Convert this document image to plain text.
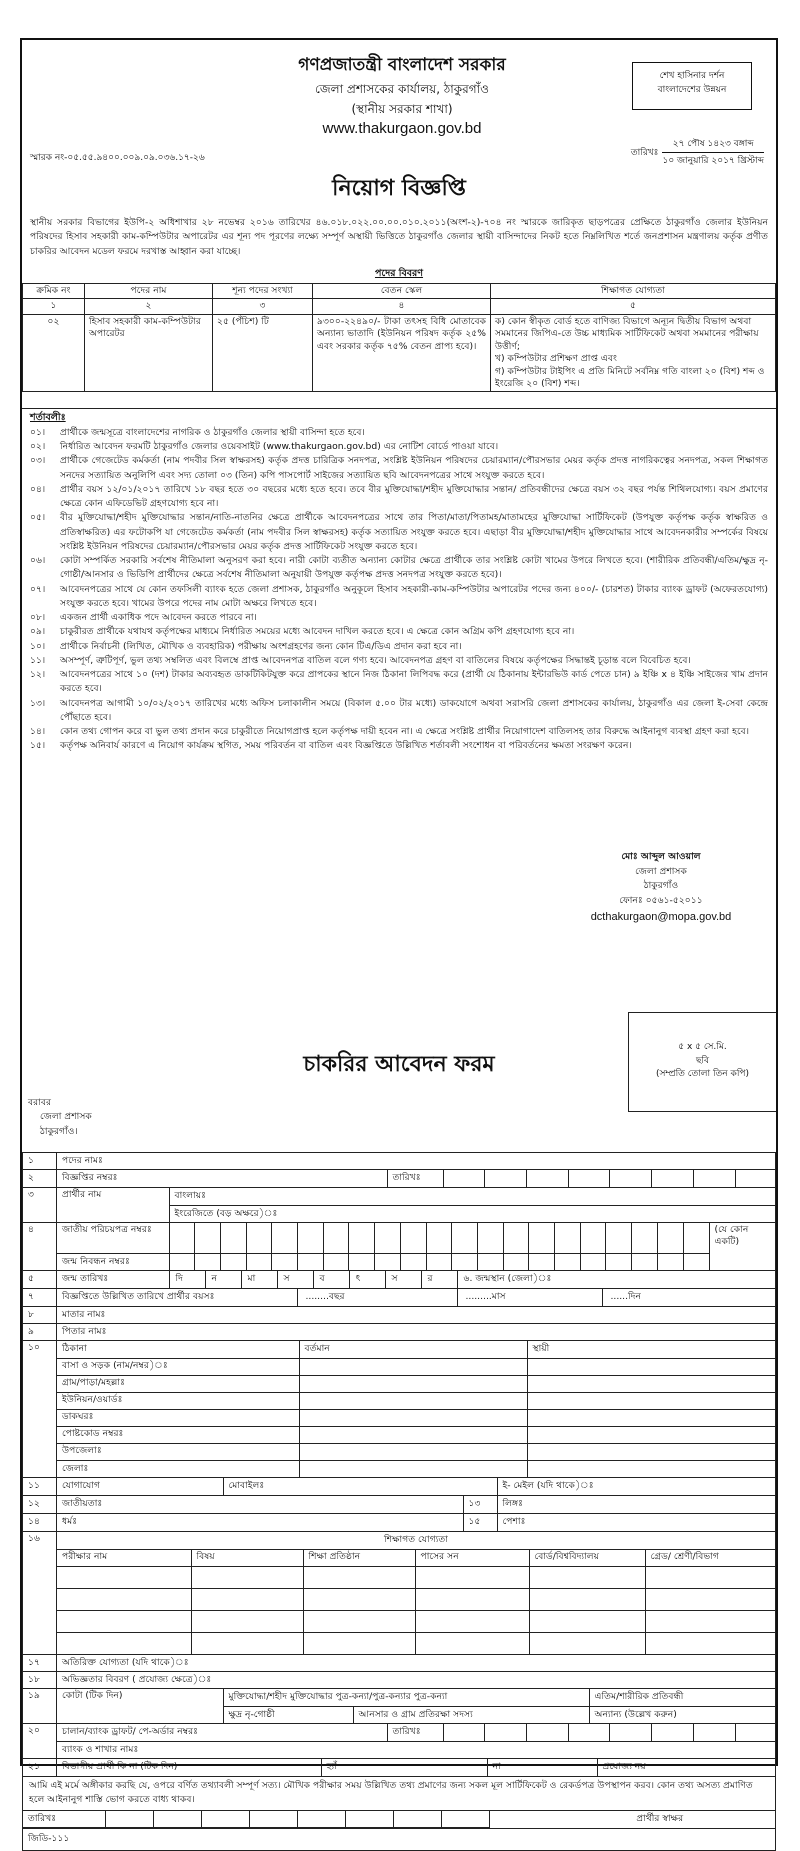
গণপ্রজাতন্ত্রী বাংলাদেশ সরকার
জেলা প্রশাসকের কার্যালয়, ঠাকুরগাঁও
(স্থানীয় সরকার শাখা)
www.thakurgaon.gov.bd
শেখ হাসিনার দর্শন
বাংলাদেশের উন্নয়ন
স্মারক নং-০৫.৫৫.৯৪০০.০০৯.০৯.০৩৬.১৭-২৬
তারিখঃ $\frac{\text{২৭ পৌষ ১৪২৩ বঙ্গাব্দ}}{\text{১০ জানুয়ারি ২০১৭ খ্রিস্টাব্দ}}$
নিয়োগ বিজ্ঞপ্তি
স্থানীয় সরকার বিভাগের ইউপি-২ অধিশাখার ২৮ নভেম্বর ২০১৬ তারিখের ৪৬.০১৮.০২২.০০.০০.০১০.২০১১(অংশ-২)-৭০৪ নং স্মারকে জারিকৃত ছাড়পত্রের প্রেক্ষিতে ঠাকুরগাঁও জেলার ইউনিয়ন পরিষদের হিসাব সহকারী কাম-কম্পিউটার অপারেটর এর শূন্য পদ পূরণের লক্ষ্যে সম্পূর্ণ অস্থায়ী ভিত্তিতে ঠাকুরগাঁও জেলার স্থায়ী বাসিন্দাদের নিকট হতে নিম্নলিখিত শর্তে জনপ্রশাসন মন্ত্রণালয় কর্তৃক প্রণীত চাকরির আবেদন মডেল ফরমে দরখাস্ত আহ্বান করা যাচ্ছে।
পদের বিবরণ
ক্রমিক নং	পদের নাম	শূন্য পদের সংখ্যা	বেতন স্কেল	শিক্ষাগত যোগ্যতা
১	২	৩	৪	৫
০২	হিসাব সহকারী কাম-কম্পিউটার অপারেটর	২৫ (পঁচিশ) টি	৯৩০০-২২৪৯০/- টাকা তৎসহ বিধি মোতাবেক অন্যান্য ভাতাদি (ইউনিয়ন পরিষদ কর্তৃক ২৫% এবং সরকার কর্তৃক ৭৫% বেতন প্রাপ্য হবে)।	ক) কোন স্বীকৃত বোর্ড হতে বাণিজ্য বিভাগে অন্যূন দ্বিতীয় বিভাগ অথবা সমমানের জিপিএ-তে উচ্চ মাধ্যমিক সার্টিফিকেট অথবা সমমানের পরীক্ষায় উত্তীর্ণ;
খ) কম্পিউটার প্রশিক্ষণ প্রাপ্ত এবং
গ) কম্পিউটার টাইপিং এ প্রতি মিনিটে সর্বনিম্ন গতি বাংলা ২০ (বিশ) শব্দ ও ইংরেজি ২০ (বিশ) শব্দ।
শর্তাবলীঃ
০১।	প্রার্থীকে জন্মসূত্রে বাংলাদেশের নাগরিক ও ঠাকুরগাঁও জেলার স্থায়ী বাসিন্দা হতে হবে।
০২।	নির্ধারিত আবেদন ফরমটি ঠাকুরগাঁও জেলার ওয়েবসাইট (www.thakurgaon.gov.bd) এর নোটিশ বোর্ডে পাওয়া যাবে।
০৩।	প্রার্থীকে গেজেটেড কর্মকর্তা (নাম পদবীর সিল স্বাক্ষরসহ) কর্তৃক প্রদত্ত চারিত্রিক সনদপত্র, সংশ্লিষ্ট ইউনিয়ন পরিষদের চেয়ারম্যান/পৌরসভার মেয়র কর্তৃক প্রদত্ত নাগরিকত্বের সনদপত্র, সকল শিক্ষাগত সনদের সত্যায়িত অনুলিপি এবং সদ্য তোলা ০৩ (তিন) কপি পাসপোর্ট সাইজের সত্যায়িত ছবি আবেদনপত্রের সাথে সংযুক্ত করতে হবে।
০৪।	প্রার্থীর বয়স ১২/০১/২০১৭ তারিখে ১৮ বছর হতে ৩০ বছরের মধ্যে হতে হবে। তবে বীর মুক্তিযোদ্ধা/শহীদ মুক্তিযোদ্ধার সন্তান/ প্রতিবন্ধীদের ক্ষেত্রে বয়স ৩২ বছর পর্যন্ত শিথিলযোগ্য। বয়স প্রমাণের ক্ষেত্রে কোন এফিডেভিট গ্রহণযোগ্য হবে না।
০৫।	বীর মুক্তিযোদ্ধা/শহীদ মুক্তিযোদ্ধার সন্তান/নাতি-নাতনির ক্ষেত্রে প্রার্থীকে আবেদনপত্রের সাথে তার পিতা/মাতা/পিতামহ/মাতামহের মুক্তিযোদ্ধা সার্টিফিকেট (উপযুক্ত কর্তৃপক্ষ কর্তৃক স্বাক্ষরিত ও প্রতিস্বাক্ষরিত) এর ফটোকপি যা গেজেটেড কর্মকর্তা (নাম পদবীর সিল স্বাক্ষরসহ) কর্তৃক সত্যায়িত সংযুক্ত করতে হবে। এছাড়া বীর মুক্তিযোদ্ধা/শহীদ মুক্তিযোদ্ধার সাথে আবেদনকারীর সম্পর্কের বিষয়ে সংশ্লিষ্ট ইউনিয়ন পরিষদের চেয়ারম্যান/পৌরসভার মেয়র কর্তৃক প্রদত্ত সার্টিফিকেট সংযুক্ত করতে হবে।
০৬।	কোটা সম্পর্কিত সরকারি সর্বশেষ নীতিমালা অনুসরণ করা হবে। নারী কোটা ব্যতীত অন্যান্য কোটার ক্ষেত্রে প্রার্থীকে তার সংশ্লিষ্ট কোটা খামের উপরে লিখতে হবে। (শারীরিক প্রতিবন্ধী/এতিম/ক্ষুদ্র নৃ-গোষ্ঠী/আনসার ও ভিডিপি প্রার্থীদের ক্ষেত্রে সর্বশেষ নীতিমালা অনুযায়ী উপযুক্ত কর্তৃপক্ষ প্রদত্ত সনদপত্র সংযুক্ত করতে হবে)।
০৭।	আবেদনপত্রের সাথে যে কোন তফসিলী ব্যাংক হতে জেলা প্রশাসক, ঠাকুরগাঁও অনুকূলে হিসাব সহকারী-কাম-কম্পিউটার অপারেটর পদের জন্য ৪০০/- (চারশত) টাকার ব্যাংক ড্রাফট (অফেরতযোগ্য) সংযুক্ত করতে হবে। খামের উপরে পদের নাম মোটা অক্ষরে লিখতে হবে।
০৮।	একজন প্রার্থী একাধিক পদে আবেদন করতে পারবে না।
০৯।	চাকুরীরত প্রার্থীকে যথাযথ কর্তৃপক্ষের মাধ্যমে নির্ধারিত সময়ের মধ্যে আবেদন দাখিল করতে হবে। এ ক্ষেত্রে কোন অগ্রিম কপি গ্রহণযোগ্য হবে না।
১০।	প্রার্থীকে নির্বাচনী (লিখিত, মৌখিক ও ব্যবহারিক) পরীক্ষায় অংশগ্রহণের জন্য কোন টিএ/ডিএ প্রদান করা হবে না।
১১।	অসম্পূর্ণ, ত্রুটিপূর্ণ, ভুল তথ্য সম্বলিত এবং বিলম্বে প্রাপ্ত আবেদনপত্র বাতিল বলে গণ্য হবে। আবেদনপত্র গ্রহণ বা বাতিলের বিষয়ে কর্তৃপক্ষের সিদ্ধান্তই চূড়ান্ত বলে বিবেচিত হবে।
১২।	আবেদনপত্রের সাথে ১০ (দশ) টাকার অব্যবহৃত ডাকটিকিটযুক্ত করে প্রাপকের স্থানে নিজ ঠিকানা লিপিবদ্ধ করে (প্রার্থী যে ঠিকানায় ইন্টারভিউ কার্ড পেতে চান) ৯ ইঞ্চি x ৪ ইঞ্চি সাইজের খাম প্রদান করতে হবে।
১৩।	আবেদনপত্র আগামী ১০/০২/২০১৭ তারিখের মধ্যে অফিস চলাকালীন সময়ে (বিকাল ৫.০০ টার মধ্যে) ডাকযোগে অথবা সরাসরি জেলা প্রশাসকের কার্যালয়, ঠাকুরগাঁও এর জেলা ই-সেবা কেন্দ্রে পৌঁছাতে হবে।
১৪।	কোন তথ্য গোপন করে বা ভুল তথ্য প্রদান করে চাকুরীতে নিয়োগপ্রাপ্ত হলে কর্তৃপক্ষ দায়ী হবেন না। এ ক্ষেত্রে সংশ্লিষ্ট প্রার্থীর নিয়োগাদেশ বাতিলসহ তার বিরুদ্ধে আইনানুগ ব্যবস্থা গ্রহণ করা হবে।
১৫।	কর্তৃপক্ষ অনিবার্য কারণে এ নিয়োগ কার্যক্রম স্থগিত, সময় পরিবর্তন বা বাতিল এবং বিজ্ঞপ্তিতে উল্লিখিত শর্তাবলী সংশোধন বা পরিবর্তনের ক্ষমতা সংরক্ষণ করেন।
মোঃ আব্দুল আওয়াল
জেলা প্রশাসক
ঠাকুরগাঁও
ফোনঃ ০৫৬১-৫২০১১
dcthakurgaon@mopa.gov.bd
৫ x ৫ সে.মি.
ছবি
(সম্প্রতি তোলা তিন কপি)
চাকরির আবেদন ফরম
বরাবর
জেলা প্রশাসক
ঠাকুরগাঁও।
১	পদের নামঃ
২		বিজ্ঞপ্তির নম্বরঃ	তারিখঃ								

৩		প্রার্থীর নাম	বাংলায়ঃ
ইংরেজিতে (বড় অক্ষরে)ঃ

৪		জাতীয় পরিচয়পত্র নম্বরঃ																						(যে কোন একটি)
জন্ম নিবন্ধন নম্বরঃ																					

৫		জন্ম তারিখঃ	দি	ন	মা	স	ব	ৎ	স	র	৬. জন্মস্থান (জেলা)ঃ

৭		বিজ্ঞপ্তিতে উল্লিখিত তারিখে প্রার্থীর বয়সঃ	........বছর	.........মাস	......দিন

৮	মাতার নামঃ
৯	পিতার নামঃ
১০	ঠিকানা	বর্তমান	স্থায়ী
বাসা ও সড়ক (নাম/নম্বর)ঃ		
গ্রাম/পাড়া/মহল্লাঃ		
ইউনিয়ন/ওয়ার্ডঃ		
ডাকঘরঃ		
পোষ্টকোড নম্বরঃ		
উপজেলাঃ		
জেলাঃ		

১১	যোগাযোগ	মোবাইলঃ	ই- মেইল (যদি থাকে)ঃ

১২	জাতীয়তাঃ	১৩	লিঙ্গঃ

১৪	ধর্মঃ	১৫	পেশাঃ

১৬		শিক্ষাগত যোগ্যতা
পরীক্ষার নাম	বিষয়	শিক্ষা প্রতিষ্ঠান	পাসের সন	বোর্ড/বিশ্ববিদ্যালয়	গ্রেড/ শ্রেণী/বিভাগ

১৭	অতিরিক্ত যোগ্যতা (যদি থাকে)ঃ
১৮	অভিজ্ঞতার বিবরণ ( প্রযোজ্য ক্ষেত্রে)ঃ
১৯	কোটা (টিক দিন)	মুক্তিযোদ্ধা/শহীদ মুক্তিযোদ্ধার পুত্র-কন্যা/পুত্র-কন্যার পুত্র-কন্যা	এতিম/শারীরিক প্রতিবন্ধী
ক্ষুদ্র নৃ-গোষ্ঠী	আনসার ও গ্রাম প্রতিরক্ষা সদস্য	অন্যান্য (উল্লেখ করুন)

২০	চালান/ব্যাংক ড্রাফট/ পে-অর্ডার নম্বরঃ	তারিখঃ								
ব্যাংক ও শাখার নামঃ

২১	বিভাগীয় প্রার্থী কি না (টিক দিন)	হ্যাঁ	না	প্রযোজ্য নয়

আমি এই মর্মে অঙ্গীকার করছি যে, ওপরে বর্ণিত তথ্যাবলী সম্পূর্ণ সত্য। মৌখিক পরীক্ষার সময় উল্লিখিত তথ্য প্রমাণের জন্য সকল মূল সার্টিফিকেট ও রেকর্ডপত্র উপস্থাপন করব। কোন তথ্য অসত্য প্রমাণিত হলে আইনানুগ শাস্তি ভোগ করতে বাধ্য থাকব।

তারিখঃ									প্রার্থীর স্বাক্ষর

জিডি-১১১
